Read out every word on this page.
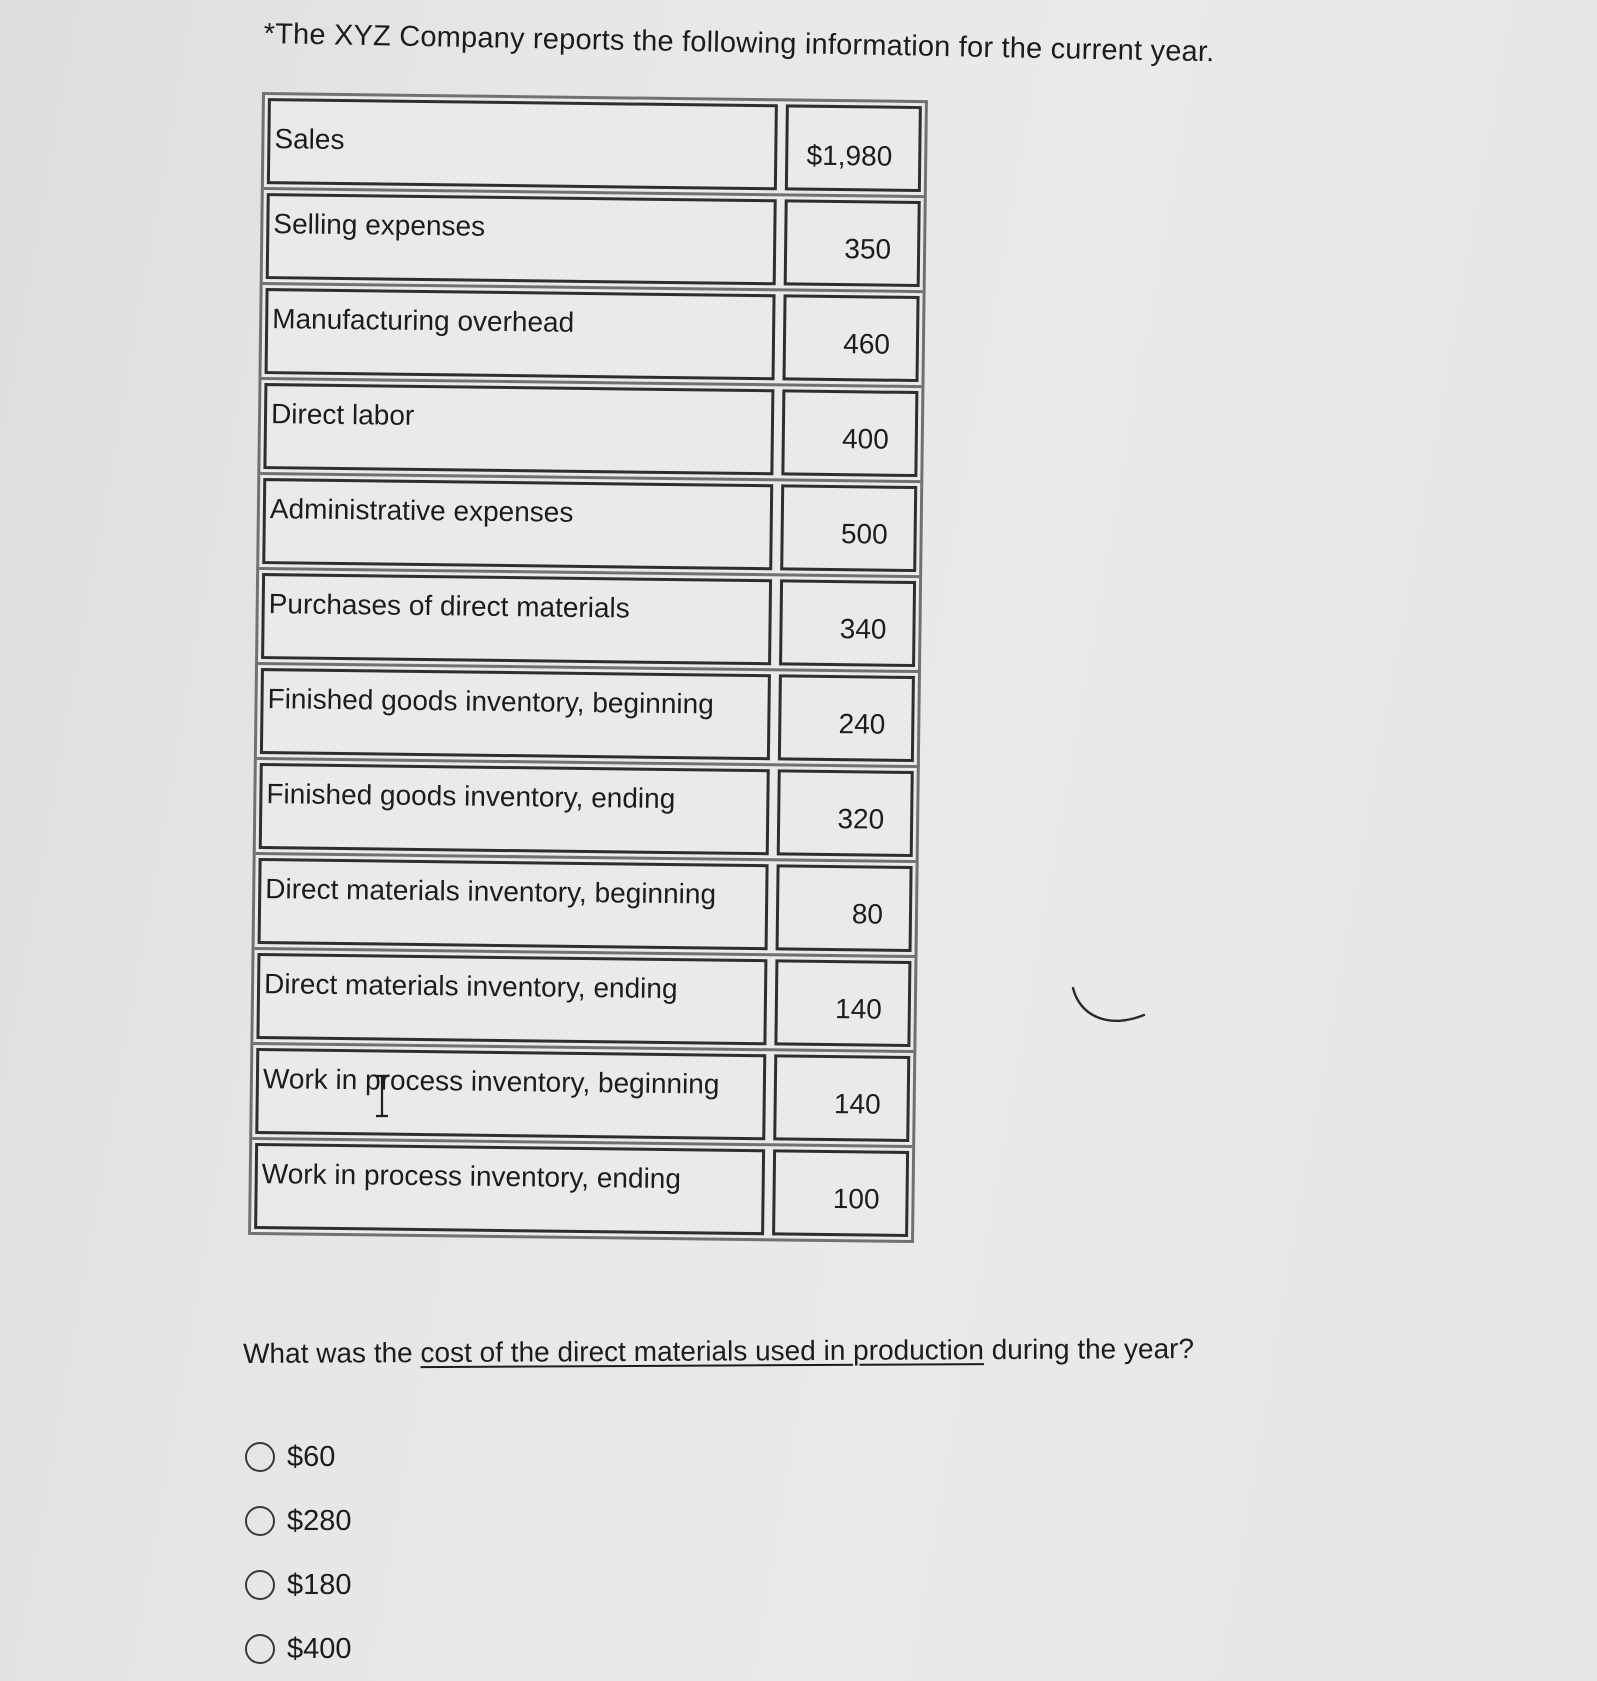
*The XYZ Company reports the following information for the current year.
Sales
$1,980
Selling expenses
350
Manufacturing overhead
460
Direct labor
400
Administrative expenses
500
Purchases of direct materials
340
Finished goods inventory, beginning
240
Finished goods inventory, ending
320
Direct materials inventory, beginning
80
Direct materials inventory, ending
140
Work in process inventory, beginning
140
Work in process inventory, ending
100
What was the cost of the direct materials used in production during the year?
$60
$280
$180
$400
